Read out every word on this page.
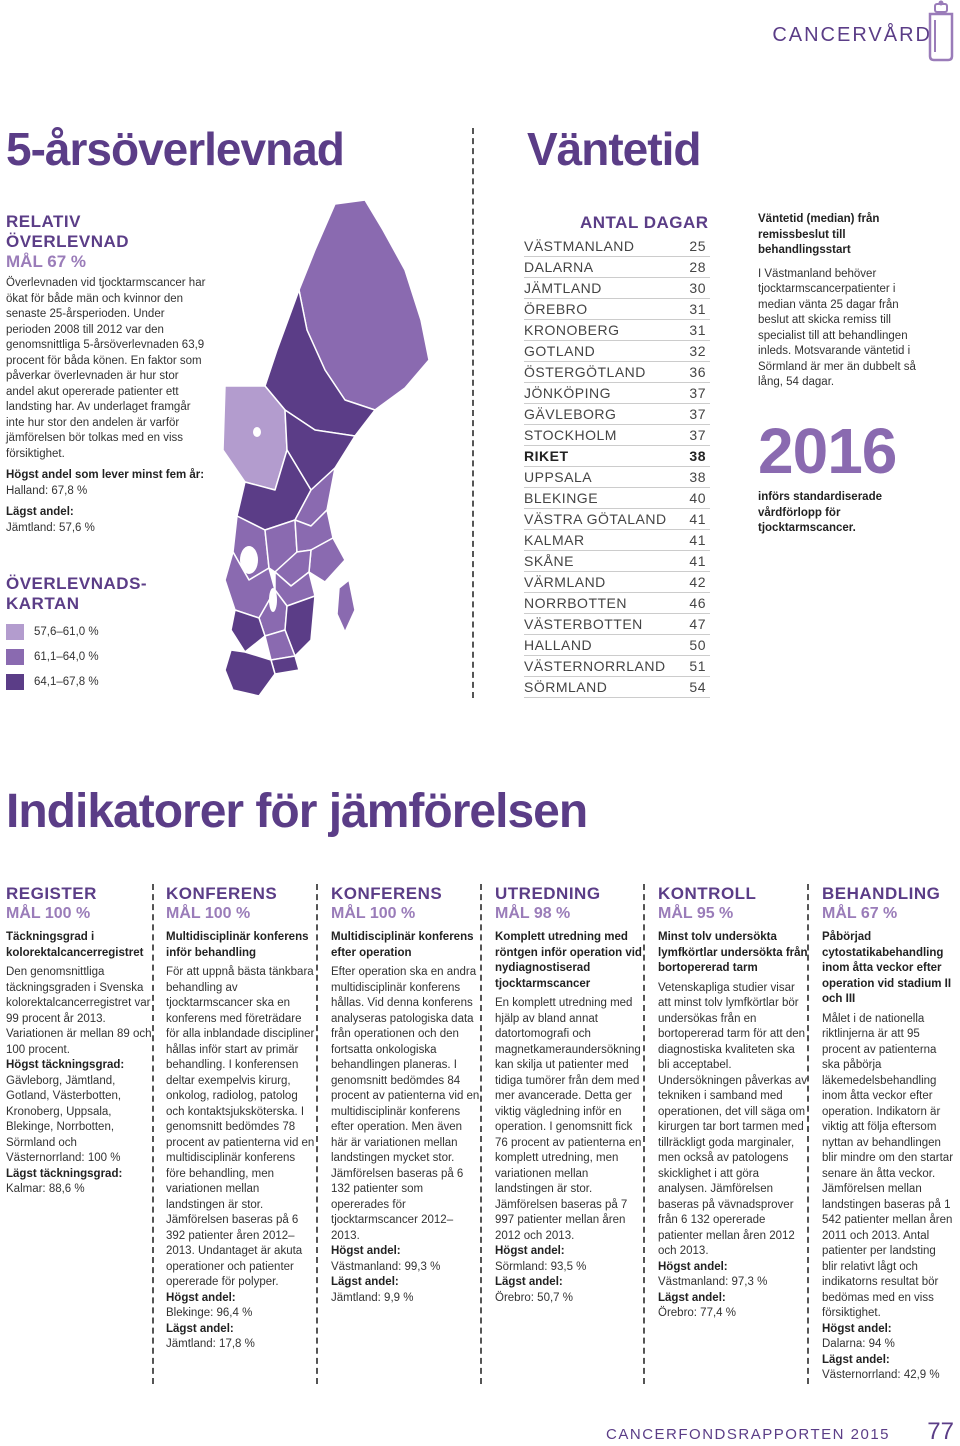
CANCERVÅRD
5-årsöverlevnad	Väntetid
RELATIV
ÖVERLEVNAD
MÅL 67 %
Överlevnaden vid tjocktarmscancer har ökat för både män och kvinnor den senaste 25-årsperioden. Under perioden 2008 till 2012 var den genomsnittliga 5-årsöverlevnaden 63,9 procent för båda könen. En faktor som påverkar överlevnaden är hur stor andel akut opererade patienter ett landsting har. Av underlaget framgår inte hur stor den andelen är varför jämförelsen bör tolkas med en viss försiktighet.
Högst andel som lever minst fem år:
Halland: 67,8 %
Lägst andel:
Jämtland: 57,6 %
ÖVERLEVNADS-
KARTAN
57,6–61,0 %
61,1–64,0 %
64,1–67,8 %
ANTAL DAGAR
VÄSTMANLAND	25
DALARNA	28
JÄMTLAND	30
ÖREBRO	31
KRONOBERG	31
GOTLAND	32
ÖSTERGÖTLAND	36
JÖNKÖPING	37
GÄVLEBORG	37
STOCKHOLM	37
RIKET	38
UPPSALA	38
BLEKINGE	40
VÄSTRA GÖTALAND	41
KALMAR	41
SKÅNE	41
VÄRMLAND	42
NORRBOTTEN	46
VÄSTERBOTTEN	47
HALLAND	50
VÄSTERNORRLAND	51
SÖRMLAND	54
Väntetid (median) från remissbeslut till behandlingsstart
I Västmanland behöver tjocktarmscancerpatienter i median vänta 25 dagar från beslut att skicka remiss till specialist till att behandlingen inleds. Motsvarande väntetid i Sörmland är mer än dubbelt så lång, 54 dagar.
2016
införs standardiserade vårdförlopp för tjocktarmscancer.
Indikatorer för jämförelsen
REGISTER
MÅL 100 %
Täckningsgrad i kolorektalcancerregistret

Den genomsnittliga täckningsgraden i Svenska kolorektalcancerregistret var 99 procent år 2013. Variationen är mellan 89 och 100 procent.

Högst täckningsgrad:

Gävleborg, Jämtland, Gotland, Västerbotten, Kronoberg, Uppsala, Blekinge, Norrbotten, Sörmland och Västernorrland: 100 %

Lägst täckningsgrad:

Kalmar: 88,6 %

KONFERENS
MÅL 100 %
Multidisciplinär konferens inför behandling

För att uppnå bästa tänkbara behandling av tjocktarmscancer ska en konferens med företrädare för alla inblandade discipliner hållas inför start av primär behandling. I konferensen deltar exempelvis kirurg, onkolog, radiolog, patolog och kontaktsjuksköterska. I genomsnitt bedömdes 78 procent av patienterna vid en multidisciplinär konferens före behandling, men variationen mellan landstingen är stor. Jämförelsen baseras på 6 392 patienter åren 2012–2013. Undantaget är akuta operationer och patienter opererade för polyper.

Högst andel:

Blekinge: 96,4 %

Lägst andel:

Jämtland: 17,8 %

KONFERENS
MÅL 100 %
Multidisciplinär konferens efter operation

Efter operation ska en andra multidisciplinär konferens hållas. Vid denna konferens analyseras patologiska data från operationen och den fortsatta onkologiska behandlingen planeras. I genomsnitt bedömdes 84 procent av patienterna vid en multidisciplinär konferens efter operation. Men även här är variationen mellan landstingen mycket stor. Jämförelsen baseras på 6 132 patienter som opererades för tjocktarmscancer 2012–2013.

Högst andel:

Västmanland: 99,3 %

Lägst andel:

Jämtland: 9,9 %

UTREDNING
MÅL 98 %
Komplett utredning med röntgen inför operation vid nydiagnostiserad tjocktarmscancer

En komplett utredning med hjälp av bland annat datortomografi och magnetkameraundersökning kan skilja ut patienter med tidiga tumörer från dem med mer avancerade. Detta ger viktig vägledning inför en operation. I genomsnitt fick 76 procent av patienterna en komplett utredning, men variationen mellan landstingen är stor. Jämförelsen baseras på 7 997 patienter mellan åren 2012 och 2013.

Högst andel:

Sörmland: 93,5 %

Lägst andel:

Örebro: 50,7 %

KONTROLL
MÅL 95 %
Minst tolv undersökta lymfkörtlar undersökta från bortopererad tarm

Vetenskapliga studier visar att minst tolv lymfkörtlar bör undersökas från en bortopererad tarm för att den diagnostiska kvaliteten ska bli acceptabel. Undersökningen påverkas av tekniken i samband med operationen, det vill säga om kirurgen tar bort tarmen med tillräckligt goda marginaler, men också av patologens skicklighet i att göra analysen. Jämförelsen baseras på vävnadsprover från 6 132 opererade patienter mellan åren 2012 och 2013.

Högst andel:

Västmanland: 97,3 %

Lägst andel:

Örebro: 77,4 %

BEHANDLING
MÅL 67 %
Påbörjad cytostatikabehandling inom åtta veckor efter operation vid stadium II och III

Målet i de nationella riktlinjerna är att 95 procent av patienterna ska påbörja läkemedelsbehandling inom åtta veckor efter operation. Indikatorn är viktig att följa eftersom nyttan av behandlingen blir mindre om den startar senare än åtta veckor. Jämförelsen mellan landstingen baseras på 1 542 patienter mellan åren 2011 och 2013. Antal patienter per landsting blir relativt lågt och indikatorns resultat bör bedömas med en viss försiktighet.

Högst andel:

Dalarna: 94 %

Lägst andel:

Västernorrland: 42,9 %

CANCERFONDSRAPPORTEN 2015 77
